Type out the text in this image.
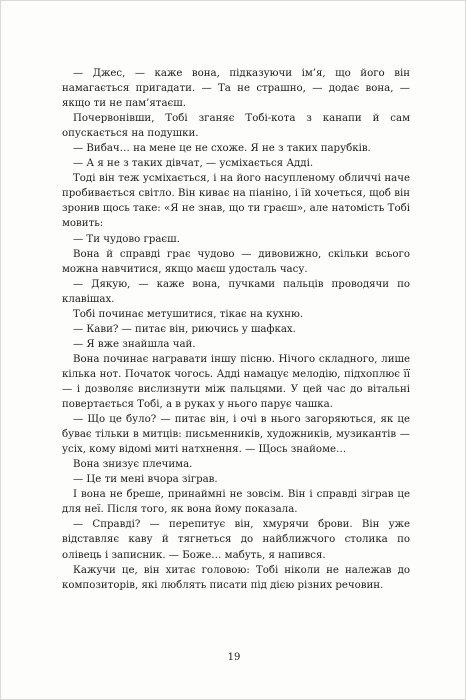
— Джес, — каже вона, підказуючи ім’я, що його він намагається пригадати. — Та не страшно, — додає вона, — якщо ти не пам’ятаєш.

Почервонівши, Тобі зганяє Тобі-кота з канапи й сам опускається на подушки.

— Вибач… на мене це не схоже. Я не з таких парубків.

— А я не з таких дівчат, — усміхається Адді.

Тоді він теж усміхається, і на його насупленому обличчі наче пробивається світло. Він киває на піаніно, і їй хочеться, щоб він зронив щось таке: «Я не знав, що ти граєш», але натомість Тобі мовить:

— Ти чудово граєш.

Вона й справді грає чудово — дивовижно, скільки всього можна навчитися, якщо маєш удосталь часу.

— Дякую, — каже вона, пучками пальців проводячи по клавішах.

Тобі починає метушитися, тікає на кухню.

— Кави? — питає він, риючись у шафках.

— Я вже знайшла чай.

Вона починає награвати іншу пісню. Нічого складного, лише кілька нот. Початок чогось. Адді намацує мелодію, підхоплює її — і дозволяє вислизнути між пальцями. У цей час до вітальні повертається Тобі, а в руках у нього парує чашка.

— Що це було? — питає він, і очі в нього загоряються, як це буває тільки в митців: письменників, художників, музикантів — усіх, кому відомі миті натхнення. — Щось знайоме…

Вона знизує плечима.

— Це ти мені вчора зіграв.

І вона не бреше, принаймні не зовсім. Він і справді зіграв це для неї. Після того, як вона йому показала.

— Справді? — перепитує він, хмурячи брови. Він уже відставляє каву й тягнеться до найближчого столика по олівець і записник. — Боже… мабуть, я напився.

Кажучи це, він хитає головою: Тобі ніколи не належав до композиторів, які люблять писати під дією різних речовин.

19
